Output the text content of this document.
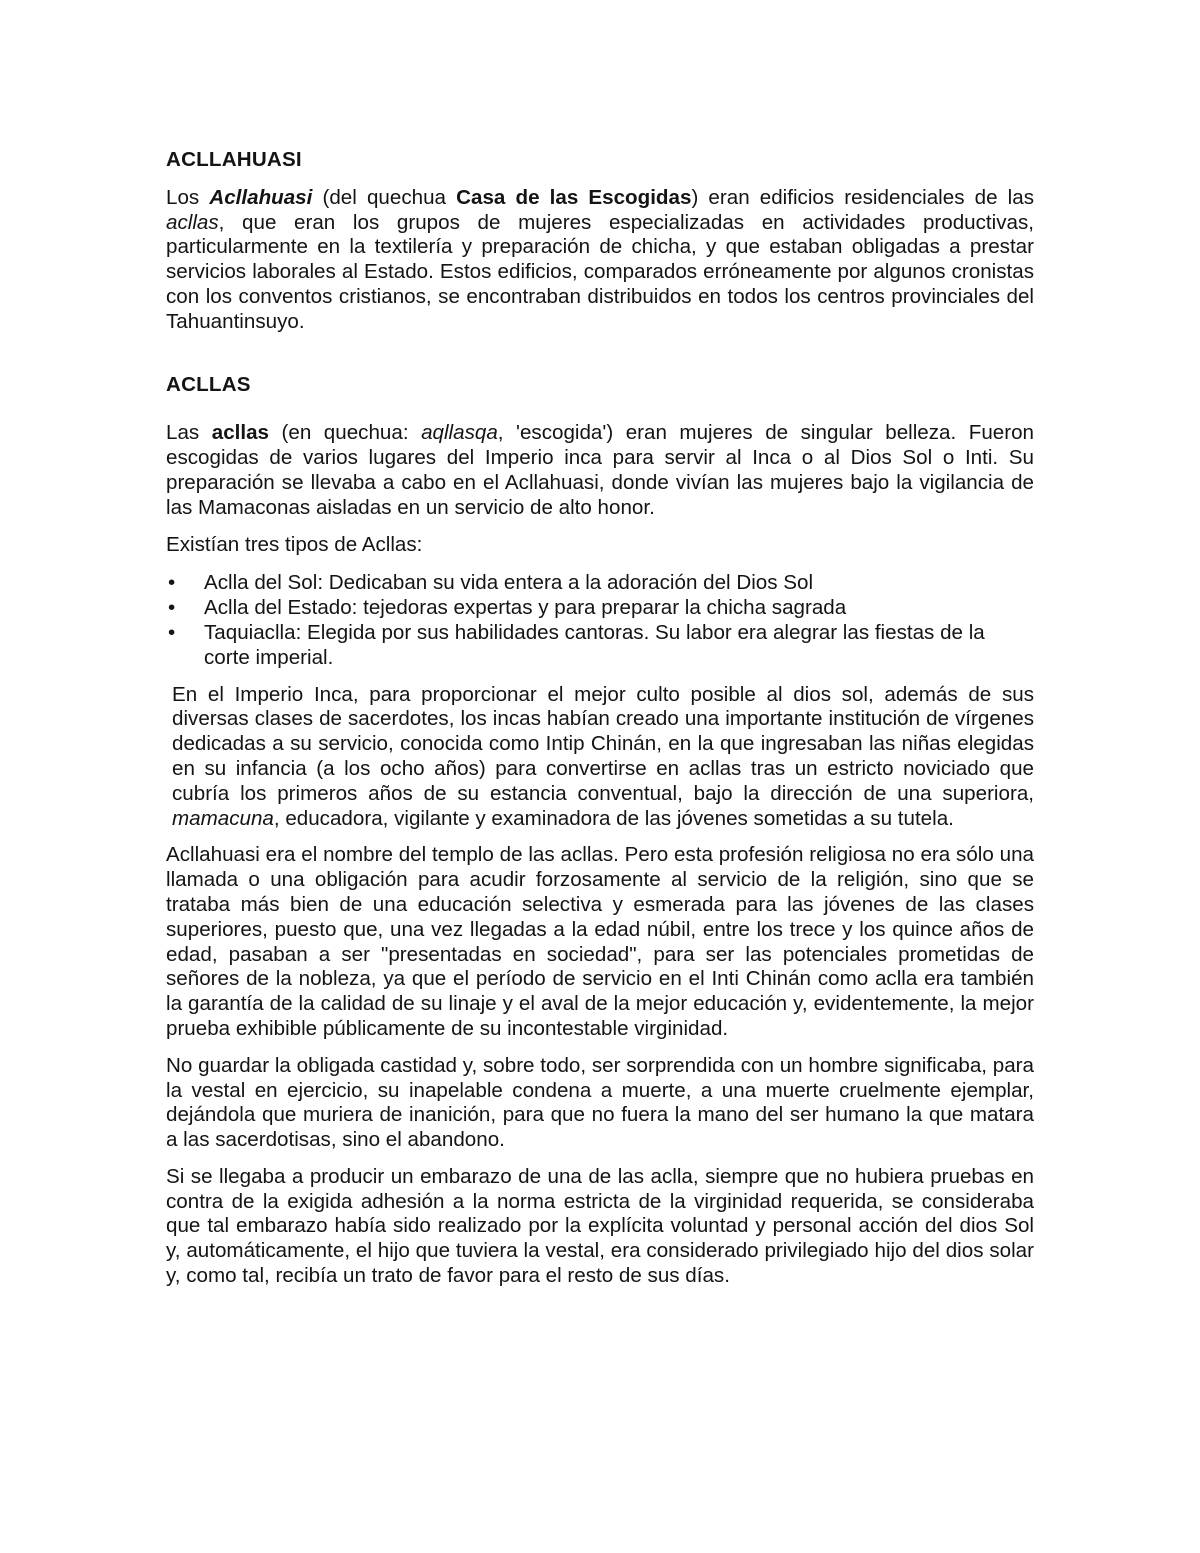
ACLLAHUASI

Los Acllahuasi (del quechua Casa de las Escogidas) eran edificios residenciales de las acllas, que eran los grupos de mujeres especializadas en actividades productivas, particularmente en la textilería y preparación de chicha, y que estaban obligadas a prestar servicios laborales al Estado. Estos edificios, comparados erróneamente por algunos cronistas con los conventos cristianos, se encontraban distribuidos en todos los centros provinciales del Tahuantinsuyo.

ACLLAS

Las acllas (en quechua: aqllasqa, 'escogida') eran mujeres de singular belleza. Fueron escogidas de varios lugares del Imperio inca para servir al Inca o al Dios Sol o Inti. Su preparación se llevaba a cabo en el Acllahuasi, donde vivían las mujeres bajo la vigilancia de las Mamaconas aisladas en un servicio de alto honor.

Existían tres tipos de Acllas:

•	Aclla del Sol: Dedicaban su vida entera a la adoración del Dios Sol
•	Aclla del Estado: tejedoras expertas y para preparar la chicha sagrada
•	Taquiaclla: Elegida por sus habilidades cantoras. Su labor era alegrar las fiestas de la corte imperial.

En el Imperio Inca, para proporcionar el mejor culto posible al dios sol, además de sus diversas clases de sacerdotes, los incas habían creado una importante institución de vírgenes dedicadas a su servicio, conocida como Intip Chinán, en la que ingresaban las niñas elegidas en su infancia (a los ocho años) para convertirse en acllas tras un estricto noviciado que cubría los primeros años de su estancia conventual, bajo la dirección de una superiora, mamacuna, educadora, vigilante y examinadora de las jóvenes sometidas a su tutela.

Acllahuasi era el nombre del templo de las acllas. Pero esta profesión religiosa no era sólo una llamada o una obligación para acudir forzosamente al servicio de la religión, sino que se trataba más bien de una educación selectiva y esmerada para las jóvenes de las clases superiores, puesto que, una vez llegadas a la edad núbil, entre los trece y los quince años de edad, pasaban a ser "presentadas en sociedad", para ser las potenciales prometidas de señores de la nobleza, ya que el período de servicio en el Inti Chinán como aclla era también la garantía de la calidad de su linaje y el aval de la mejor educación y, evidentemente, la mejor prueba exhibible públicamente de su incontestable virginidad.

No guardar la obligada castidad y, sobre todo, ser sorprendida con un hombre significaba, para la vestal en ejercicio, su inapelable condena a muerte, a una muerte cruelmente ejemplar, dejándola que muriera de inanición, para que no fuera la mano del ser humano la que matara a las sacerdotisas, sino el abandono.

Si se llegaba a producir un embarazo de una de las aclla, siempre que no hubiera pruebas en contra de la exigida adhesión a la norma estricta de la virginidad requerida, se consideraba que tal embarazo había sido realizado por la explícita voluntad y personal acción del dios Sol y, automáticamente, el hijo que tuviera la vestal, era considerado privilegiado hijo del dios solar y, como tal, recibía un trato de favor para el resto de sus días.
